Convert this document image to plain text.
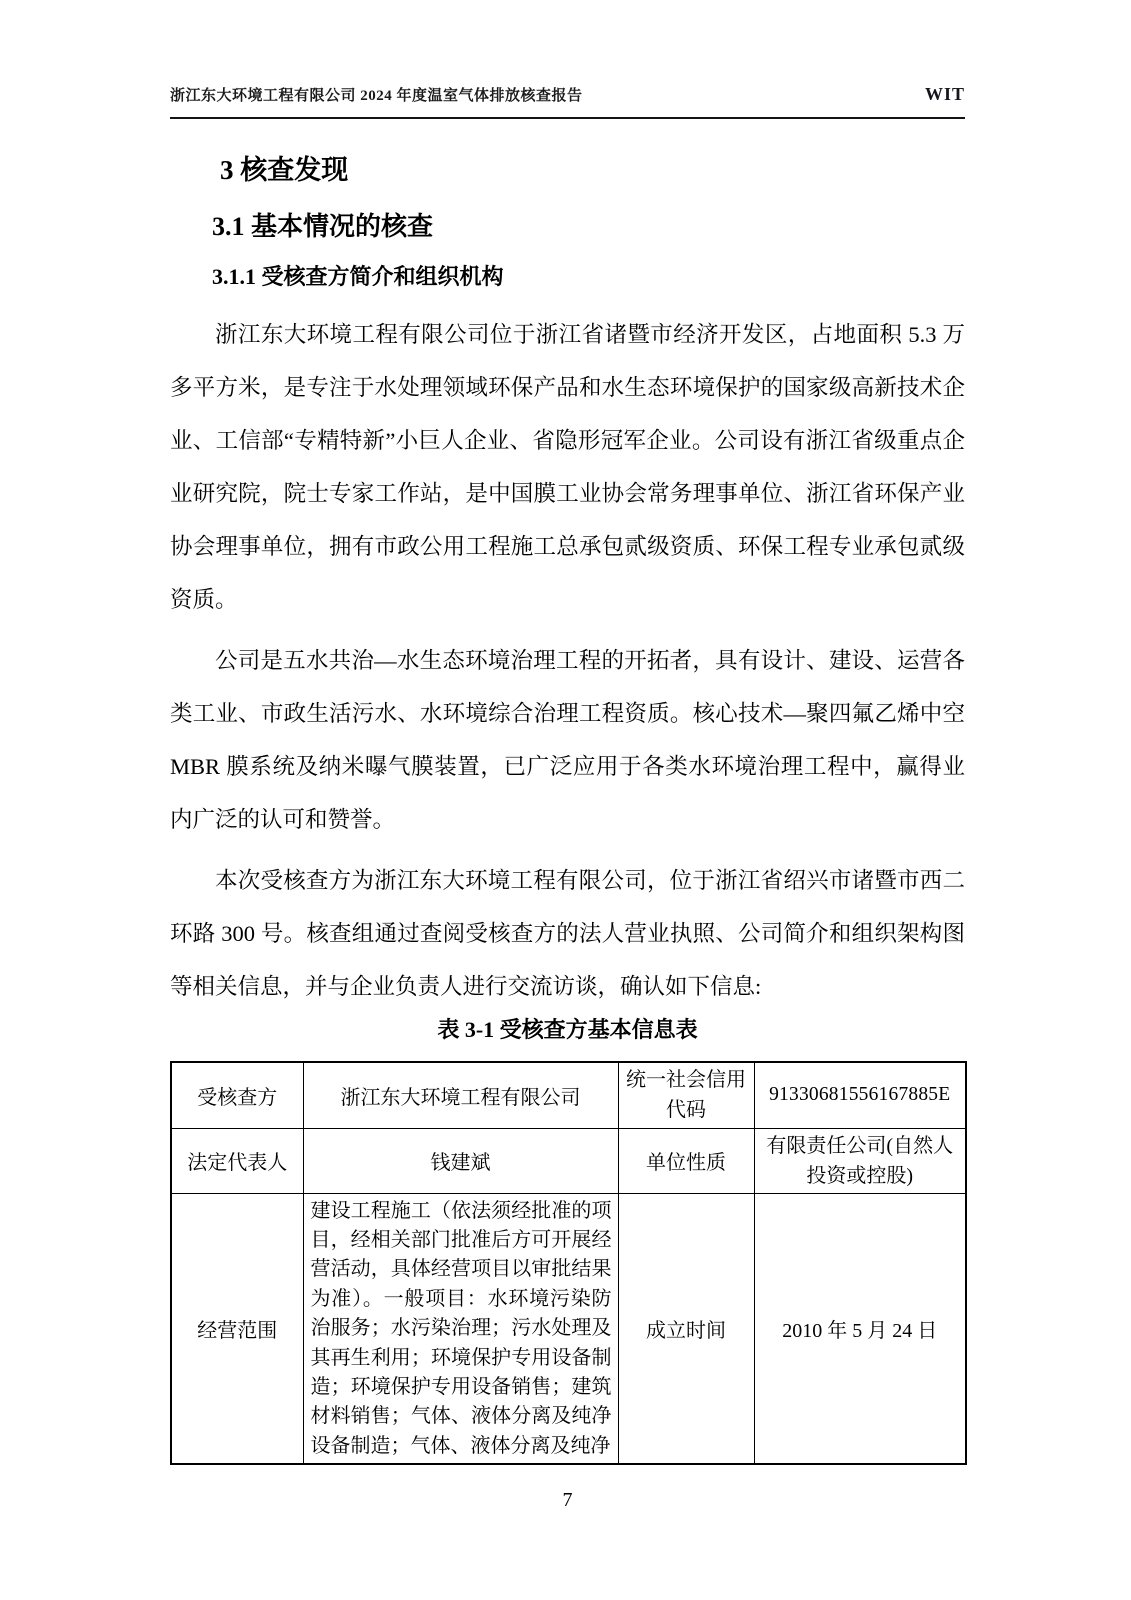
浙江东大环境工程有限公司 2024 年度温室气体排放核查报告	WIT
3 核查发现
3.1 基本情况的核查
3.1.1 受核查方简介和组织机构

浙江东大环境工程有限公司位于浙江省诸暨市经济开发区，占地面积 5.3 万多平方米，是专注于水处理领域环保产品和水生态环境保护的国家级高新技术企业、工信部“专精特新”小巨人企业、省隐形冠军企业。公司设有浙江省级重点企业研究院，院士专家工作站，是中国膜工业协会常务理事单位、浙江省环保产业协会理事单位，拥有市政公用工程施工总承包贰级资质、环保工程专业承包贰级资质。

公司是五水共治—水生态环境治理工程的开拓者，具有设计、建设、运营各类工业、市政生活污水、水环境综合治理工程资质。核心技术—聚四氟乙烯中空 MBR 膜系统及纳米曝气膜装置，已广泛应用于各类水环境治理工程中，赢得业内广泛的认可和赞誉。

本次受核查方为浙江东大环境工程有限公司，位于浙江省绍兴市诸暨市西二环路 300 号。核查组通过查阅受核查方的法人营业执照、公司简介和组织架构图等相关信息，并与企业负责人进行交流访谈，确认如下信息:

表 3-1 受核查方基本信息表
受核查方	浙江东大环境工程有限公司	统一社会信用代码	91330681556167885E
法定代表人	钱建斌	单位性质	有限责任公司(自然人投资或控股)
经营范围	建设工程施工（依法须经批准的项目，经相关部门批准后方可开展经营活动，具体经营项目以审批结果为准）。一般项目：水环境污染防治服务；水污染治理；污水处理及其再生利用；环境保护专用设备制造；环境保护专用设备销售；建筑材料销售；气体、液体分离及纯净设备制造；气体、液体分离及纯净	成立时间	2010 年 5 月 24 日
7
